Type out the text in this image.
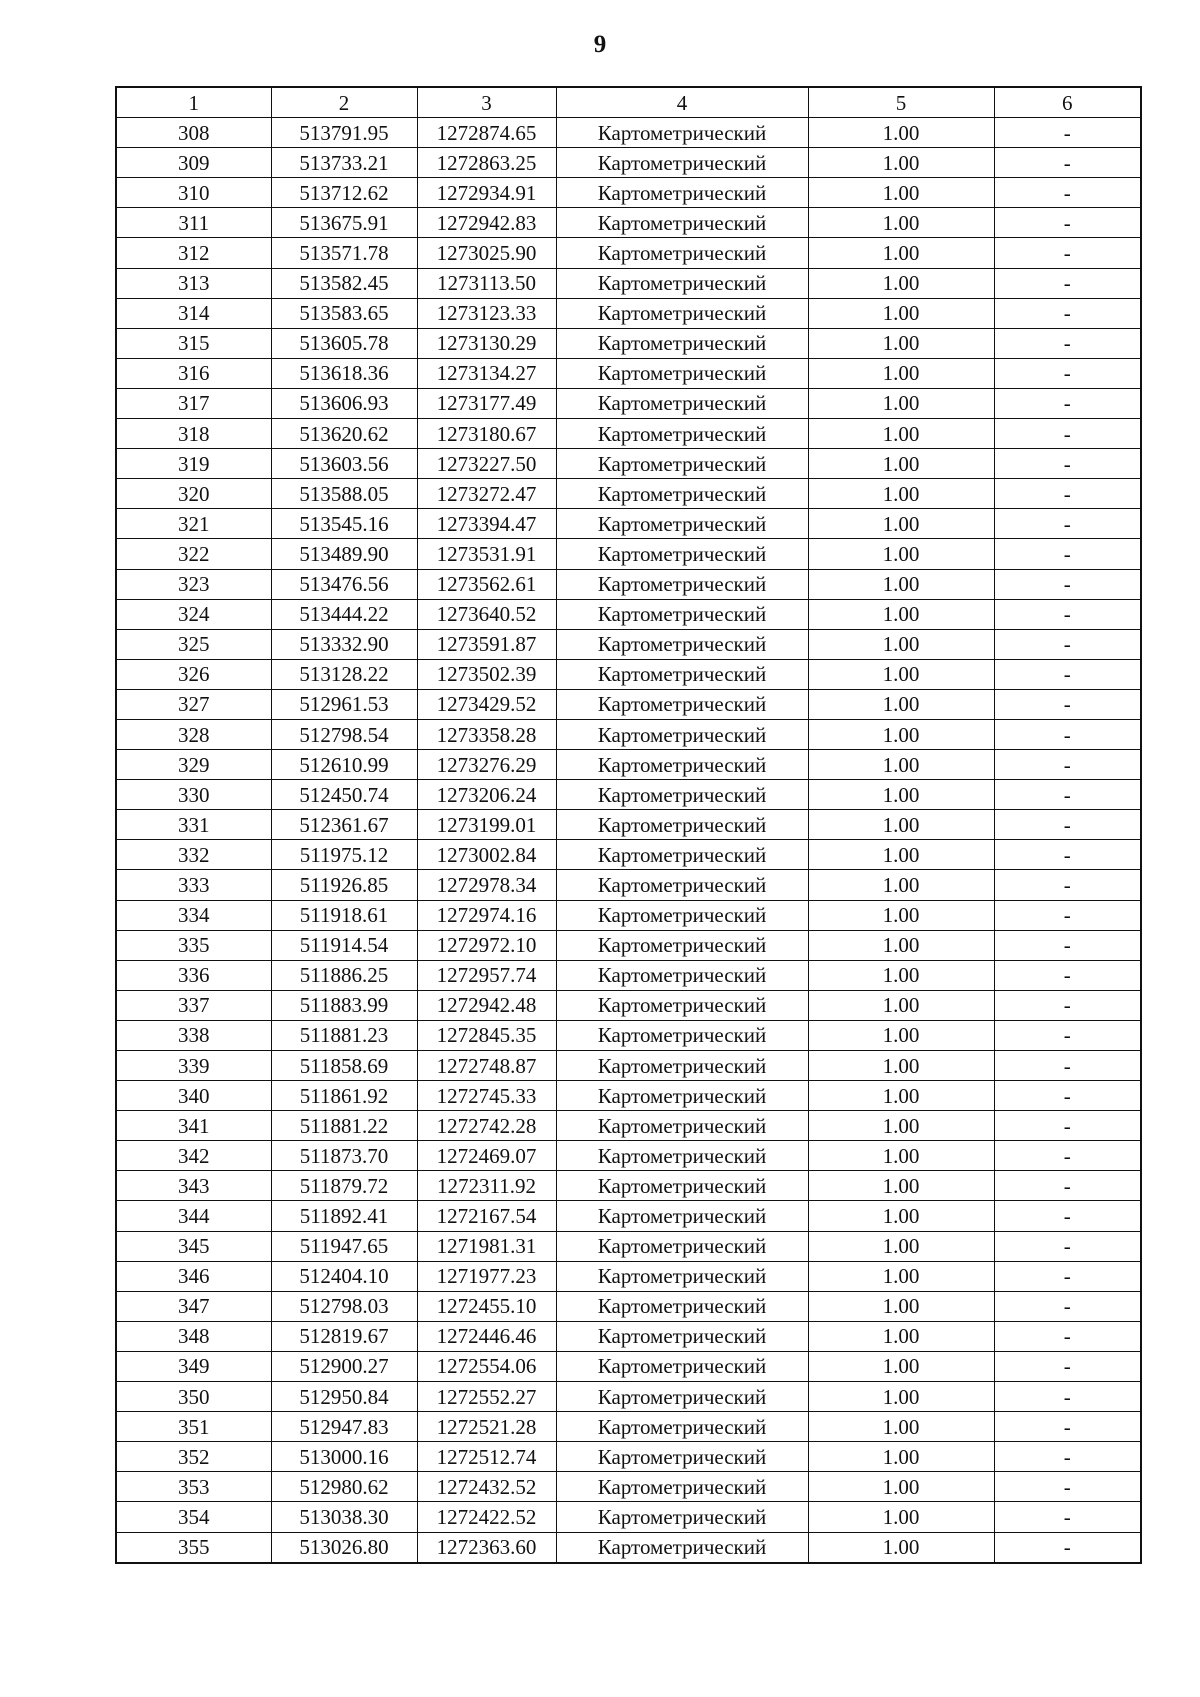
9
1	2	3	4	5	6
308	513791.95	1272874.65	Картометрический	1.00	-
309	513733.21	1272863.25	Картометрический	1.00	-
310	513712.62	1272934.91	Картометрический	1.00	-
311	513675.91	1272942.83	Картометрический	1.00	-
312	513571.78	1273025.90	Картометрический	1.00	-
313	513582.45	1273113.50	Картометрический	1.00	-
314	513583.65	1273123.33	Картометрический	1.00	-
315	513605.78	1273130.29	Картометрический	1.00	-
316	513618.36	1273134.27	Картометрический	1.00	-
317	513606.93	1273177.49	Картометрический	1.00	-
318	513620.62	1273180.67	Картометрический	1.00	-
319	513603.56	1273227.50	Картометрический	1.00	-
320	513588.05	1273272.47	Картометрический	1.00	-
321	513545.16	1273394.47	Картометрический	1.00	-
322	513489.90	1273531.91	Картометрический	1.00	-
323	513476.56	1273562.61	Картометрический	1.00	-
324	513444.22	1273640.52	Картометрический	1.00	-
325	513332.90	1273591.87	Картометрический	1.00	-
326	513128.22	1273502.39	Картометрический	1.00	-
327	512961.53	1273429.52	Картометрический	1.00	-
328	512798.54	1273358.28	Картометрический	1.00	-
329	512610.99	1273276.29	Картометрический	1.00	-
330	512450.74	1273206.24	Картометрический	1.00	-
331	512361.67	1273199.01	Картометрический	1.00	-
332	511975.12	1273002.84	Картометрический	1.00	-
333	511926.85	1272978.34	Картометрический	1.00	-
334	511918.61	1272974.16	Картометрический	1.00	-
335	511914.54	1272972.10	Картометрический	1.00	-
336	511886.25	1272957.74	Картометрический	1.00	-
337	511883.99	1272942.48	Картометрический	1.00	-
338	511881.23	1272845.35	Картометрический	1.00	-
339	511858.69	1272748.87	Картометрический	1.00	-
340	511861.92	1272745.33	Картометрический	1.00	-
341	511881.22	1272742.28	Картометрический	1.00	-
342	511873.70	1272469.07	Картометрический	1.00	-
343	511879.72	1272311.92	Картометрический	1.00	-
344	511892.41	1272167.54	Картометрический	1.00	-
345	511947.65	1271981.31	Картометрический	1.00	-
346	512404.10	1271977.23	Картометрический	1.00	-
347	512798.03	1272455.10	Картометрический	1.00	-
348	512819.67	1272446.46	Картометрический	1.00	-
349	512900.27	1272554.06	Картометрический	1.00	-
350	512950.84	1272552.27	Картометрический	1.00	-
351	512947.83	1272521.28	Картометрический	1.00	-
352	513000.16	1272512.74	Картометрический	1.00	-
353	512980.62	1272432.52	Картометрический	1.00	-
354	513038.30	1272422.52	Картометрический	1.00	-
355	513026.80	1272363.60	Картометрический	1.00	-
